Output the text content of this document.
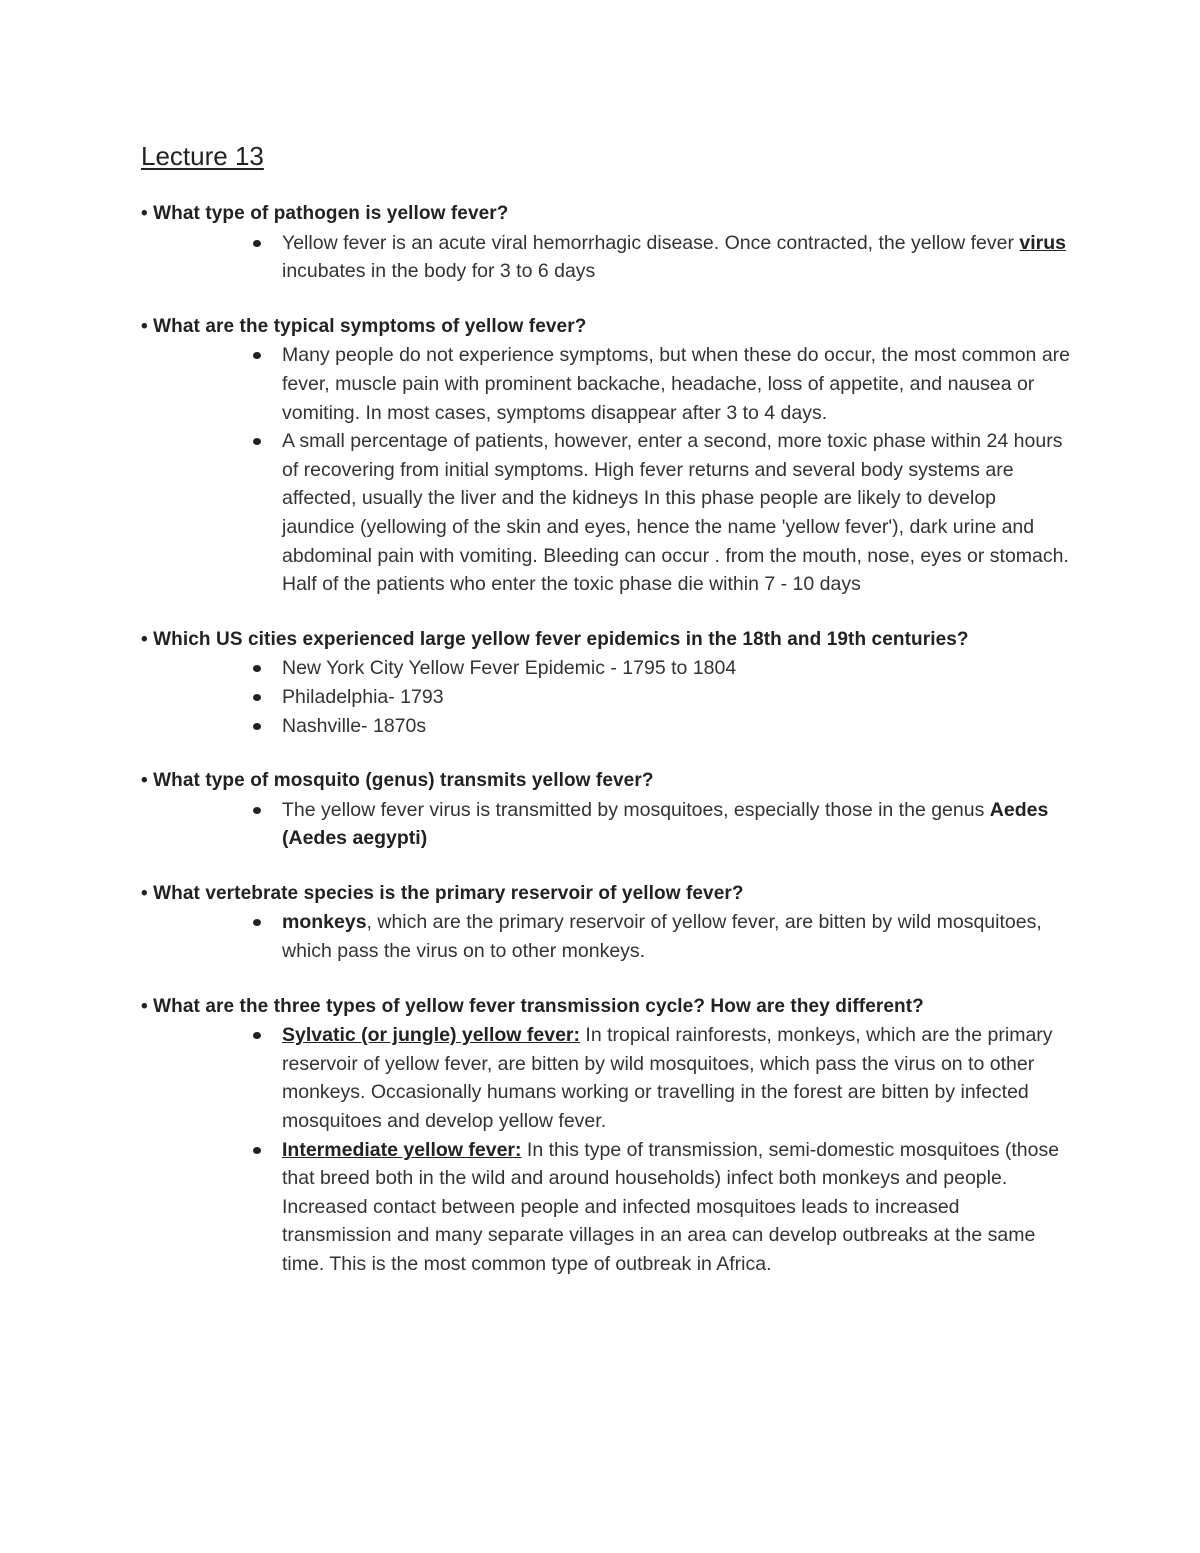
Lecture 13

• What type of pathogen is yellow fever?

Yellow fever is an acute viral hemorrhagic disease. Once contracted, the yellow fever virus incubates in the body for 3 to 6 days

• What are the typical symptoms of yellow fever?

Many people do not experience symptoms, but when these do occur, the most common are fever, muscle pain with prominent backache, headache, loss of appetite, and nausea or vomiting. In most cases, symptoms disappear after 3 to 4 days.
A small percentage of patients, however, enter a second, more toxic phase within 24 hours of recovering from initial symptoms. High fever returns and several body systems are affected, usually the liver and the kidneys In this phase people are likely to develop jaundice (yellowing of the skin and eyes, hence the name 'yellow fever'), dark urine and abdominal pain with vomiting. Bleeding can occur . from the mouth, nose, eyes or stomach. Half of the patients who enter the toxic phase die within 7 - 10 days

• Which US cities experienced large yellow fever epidemics in the 18th and 19th centuries?

New York City Yellow Fever Epidemic - 1795 to 1804
Philadelphia- 1793
Nashville- 1870s

• What type of mosquito (genus) transmits yellow fever?

The yellow fever virus is transmitted by mosquitoes, especially those in the genus Aedes (Aedes aegypti)

• What vertebrate species is the primary reservoir of yellow fever?

monkeys, which are the primary reservoir of yellow fever, are bitten by wild mosquitoes, which pass the virus on to other monkeys.

• What are the three types of yellow fever transmission cycle? How are they different?

Sylvatic (or jungle) yellow fever: In tropical rainforests, monkeys, which are the primary reservoir of yellow fever, are bitten by wild mosquitoes, which pass the virus on to other monkeys. Occasionally humans working or travelling in the forest are bitten by infected mosquitoes and develop yellow fever.
Intermediate yellow fever: In this type of transmission, semi-domestic mosquitoes (those that breed both in the wild and around households) infect both monkeys and people. Increased contact between people and infected mosquitoes leads to increased transmission and many separate villages in an area can develop outbreaks at the same time. This is the most common type of outbreak in Africa.
